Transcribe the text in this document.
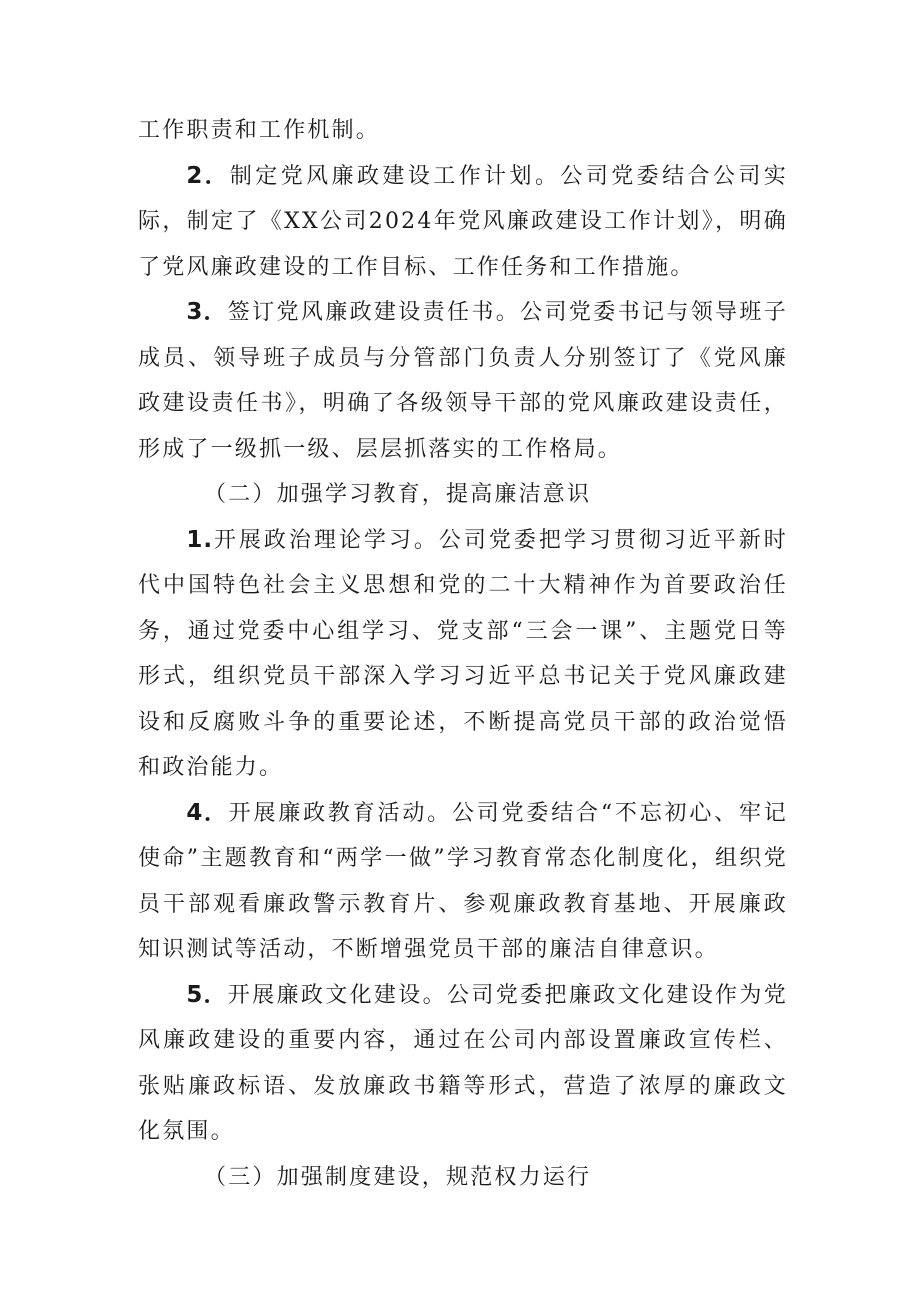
工作职责和工作机制。

2．制定党风廉政建设工作计划。公司党委结合公司实际，制定了《XX公司2024年党风廉政建设工作计划》，明确了党风廉政建设的工作目标、工作任务和工作措施。

3．签订党风廉政建设责任书。公司党委书记与领导班子成员、领导班子成员与分管部门负责人分别签订了《党风廉政建设责任书》，明确了各级领导干部的党风廉政建设责任，形成了一级抓一级、层层抓落实的工作格局。

（二）加强学习教育，提高廉洁意识

1.开展政治理论学习。公司党委把学习贯彻习近平新时代中国特色社会主义思想和党的二十大精神作为首要政治任务，通过党委中心组学习、党支部“三会一课”、主题党日等形式，组织党员干部深入学习习近平总书记关于党风廉政建设和反腐败斗争的重要论述，不断提高党员干部的政治觉悟和政治能力。

4．开展廉政教育活动。公司党委结合“不忘初心、牢记使命”主题教育和“两学一做”学习教育常态化制度化，组织党员干部观看廉政警示教育片、参观廉政教育基地、开展廉政知识测试等活动，不断增强党员干部的廉洁自律意识。

5．开展廉政文化建设。公司党委把廉政文化建设作为党风廉政建设的重要内容，通过在公司内部设置廉政宣传栏、张贴廉政标语、发放廉政书籍等形式，营造了浓厚的廉政文化氛围。

（三）加强制度建设，规范权力运行
